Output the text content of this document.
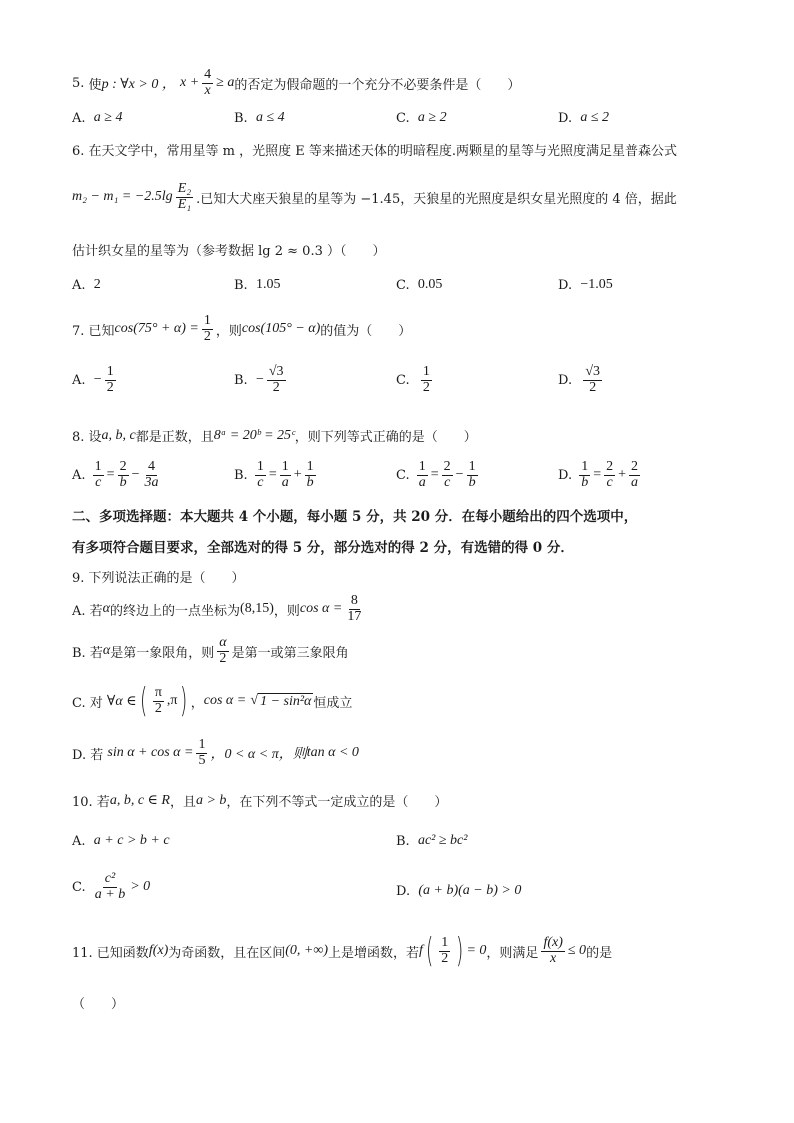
5.
使 p : ∀x > 0 ，
$x + \frac{4}{x} \ge a$ 的否定为假命题的一个充分不必要条件是（　　）
A.
a ≥ 4	B.
a ≤ 4	C.
a ≥ 2	D.
a ≤ 2
6. 在天文学中，常用星等 m ，光照度 E 等来描述天体的明暗程度.两颗星的星等与光照度满足星普森公式
$m_2 - m_1 = -2.5\lg \frac{\text{E₂}}{\text{E₁}}$ .已知大犬座天狼星的星等为 −1.45，天狼星的光照度是织女星光照度的 4 倍，据此
估计织女星的星等为（参考数据 lg 2 ≈ 0.3 ）（　　）
A.
2	B.
1.05	C.
0.05	D.
−1.05
7. 已知 $\cos(75^\circ + \alpha) = \frac{1}{2}$ ，则 cos(105° − α) 的值为（　　）
A.
− $\frac{1}{2}$	B.
− $\frac{√3}{2}$	C.
$\frac{1}{2}$	D.
$\frac{√3}{2}$
8. 设 a, b, c 都是正数，且 8ᵃ = 20ᵇ = 25ᶜ ，则下列等式正确的是（　　）
A.
$\frac{1}{c} = \frac{2}{b} - \frac{4}{3a}$	B.
$\frac{1}{c} = \frac{1}{a} + \frac{1}{b}$	C.
$\frac{1}{a} = \frac{2}{c} - \frac{1}{b}$	D.
$\frac{1}{b} = \frac{2}{c} + \frac{2}{a}$
二、多项选择题：本大题共 4 个小题，每小题 5 分，共 20 分．在每小题给出的四个选项中，
有多项符合题目要求，全部选对的得 5 分，部分选对的得 2 分，有选错的得 0 分．
9. 下列说法正确的是（　　）
A. 若 α 的终边上的一点坐标为 (8,15) ，则 $\cos \alpha = \frac{8}{17}$
B. 若 α 是第一象限角，则 $\frac{\alpha}{2}$ 是第一或第三象限角
C. 对
∀α ∈ ( $\frac{\pi}{2} ,\pi$ ) ， cos α =
√ 1 − sin²α 恒成立
D. 若
$\sin \alpha + \cos \alpha = \frac{1}{5}$ ，0 < α < π，则 tan α < 0
10. 若 a, b, c ∈ R ，且 a > b ，在下列不等式一定成立的是（　　）
A.
a + c > b + c	B.
ac² ≥ bc²
C.
$\frac{\text{c²}}{a + b} > 0$	D.
(a + b)(a − b) > 0
11. 已知函数 f(x) 为奇函数，且在区间 (0, +∞) 上是增函数，若 f ( $\frac{1}{2}$ ) = 0 ，则满足 $\frac{f(x)}{x} \le 0$ 的是
（　　）
